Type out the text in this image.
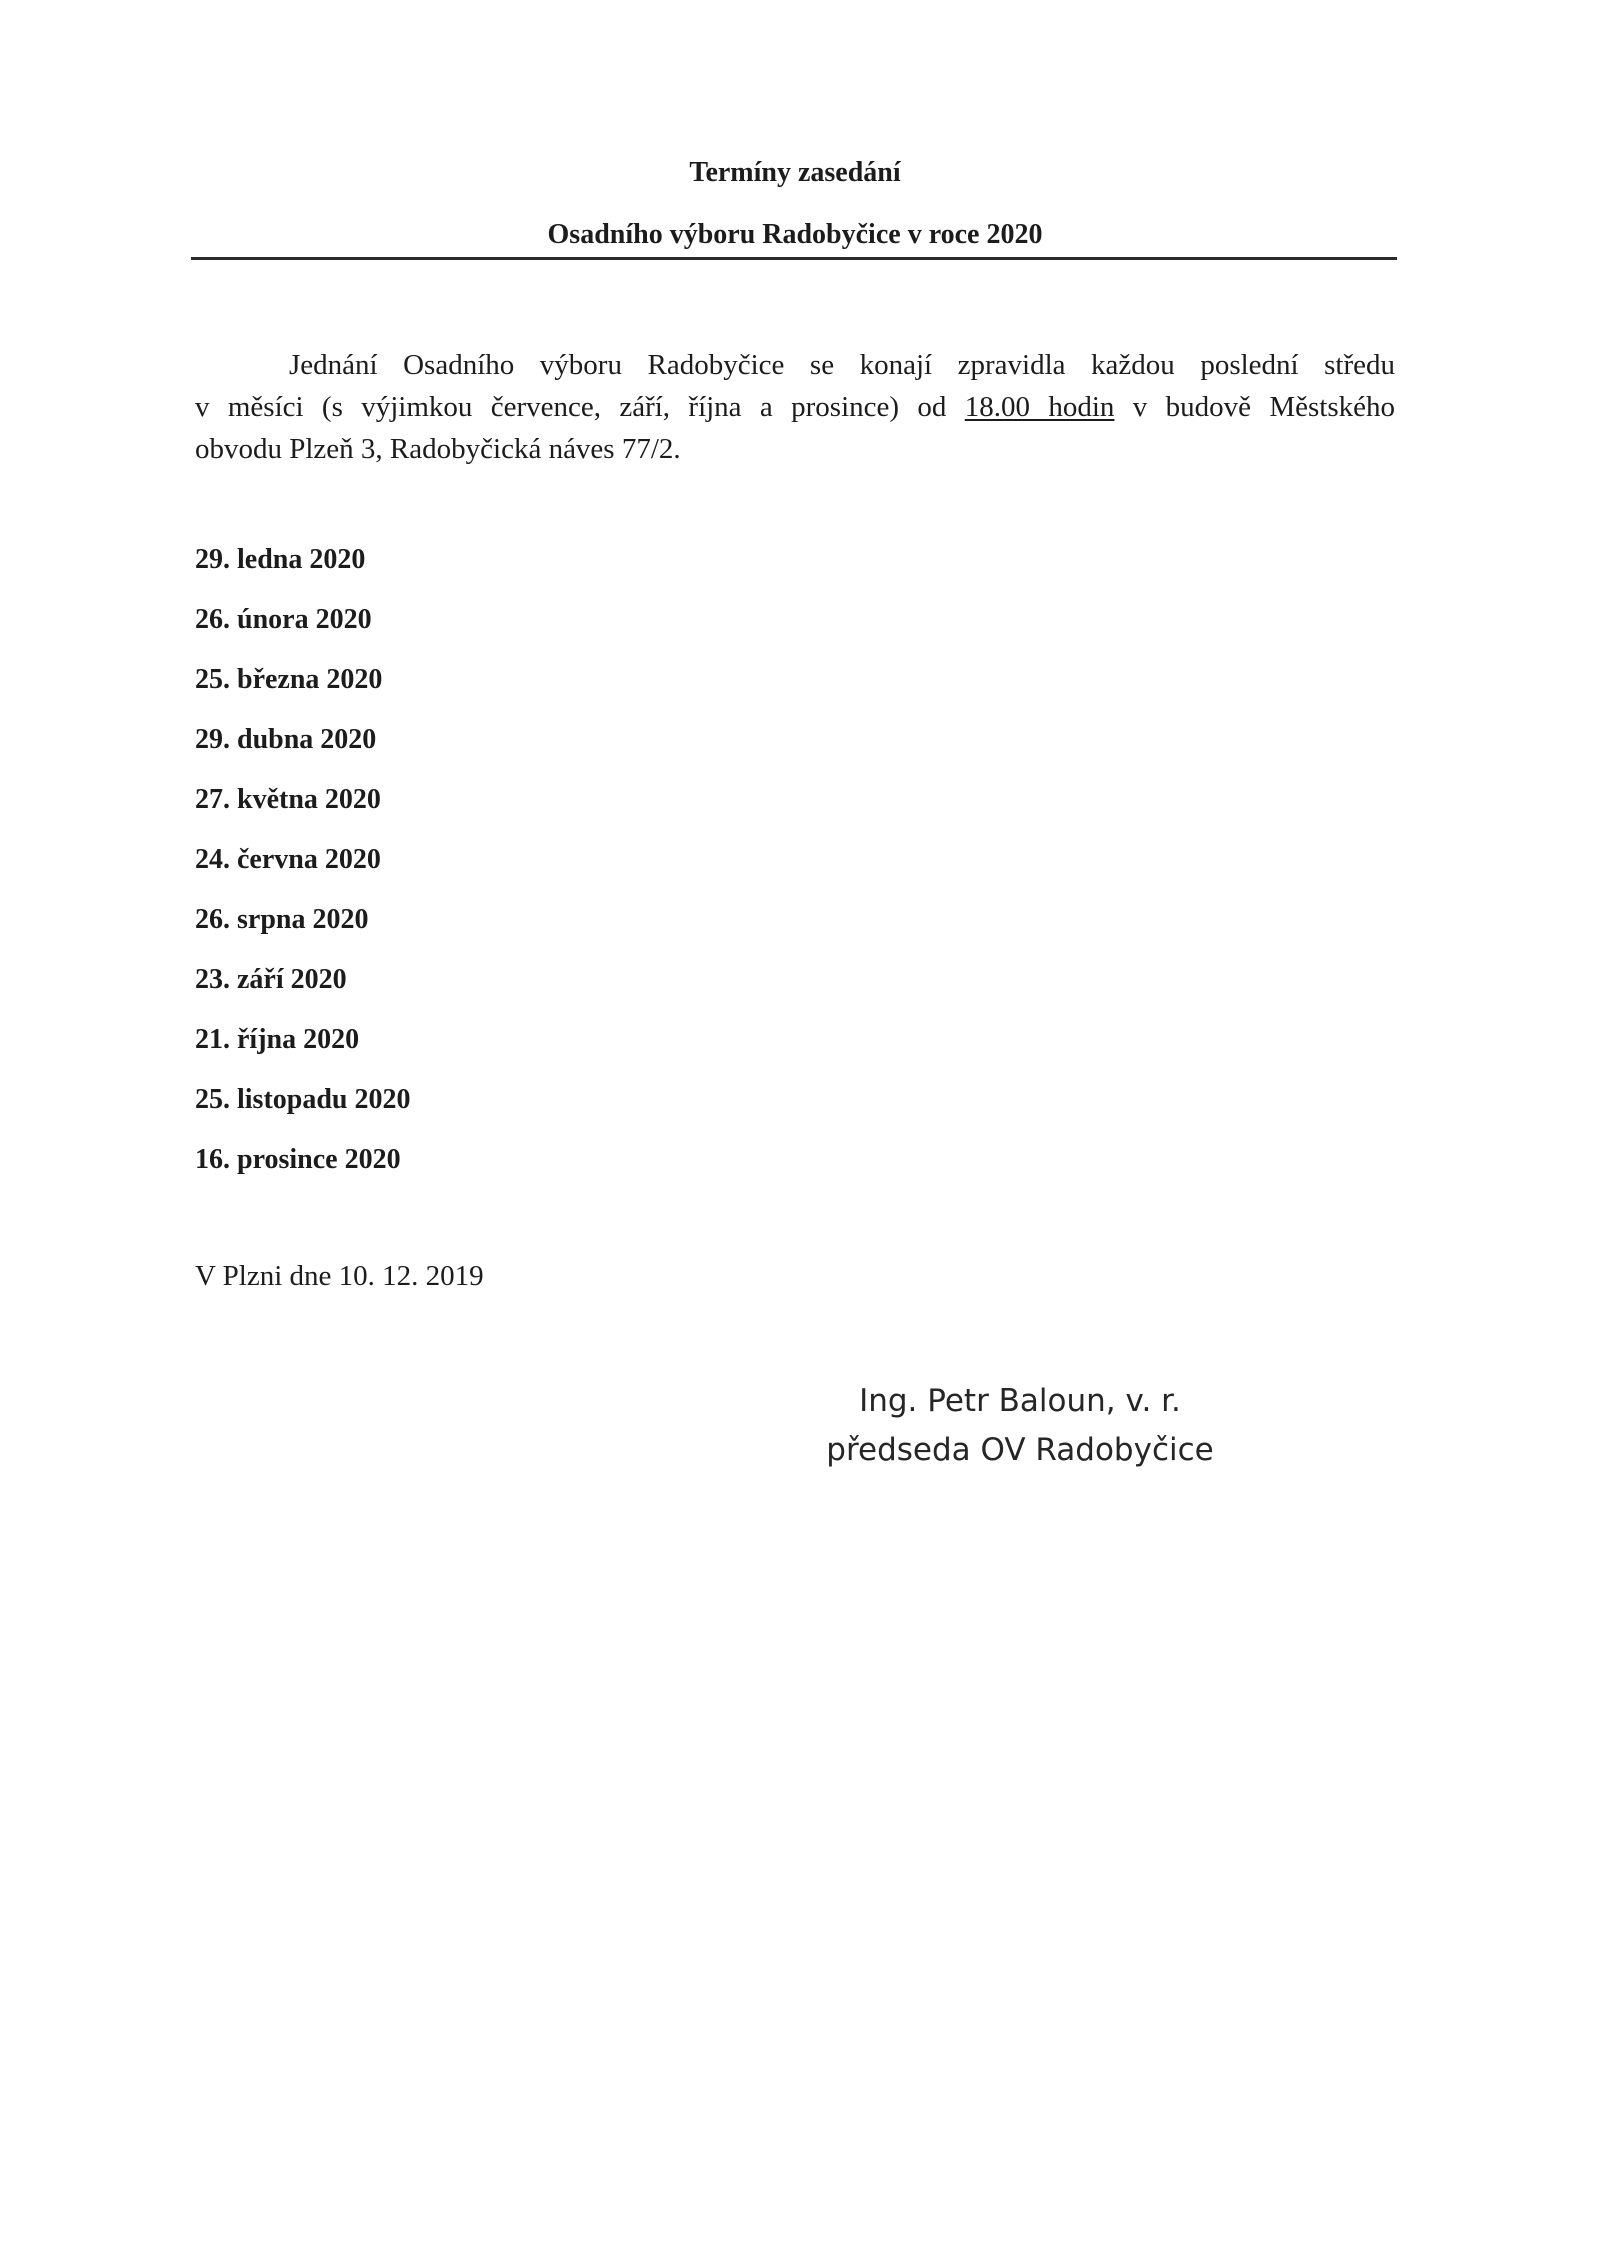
Termíny zasedání
Osadního výboru Radobyčice v roce 2020
Jednání Osadního výboru Radobyčice se konají zpravidla každou poslední středu
v měsíci (s výjimkou července, září, října a prosince) od 18.00 hodin v budově Městského
obvodu Plzeň 3, Radobyčická náves 77/2.
29. ledna 2020
26. února 2020
25. března 2020
29. dubna 2020
27. května 2020
24. června 2020
26. srpna 2020
23. září 2020
21. října 2020
25. listopadu 2020
16. prosince 2020
V Plzni dne 10. 12. 2019
Ing. Petr Baloun, v. r.
předseda OV Radobyčice
